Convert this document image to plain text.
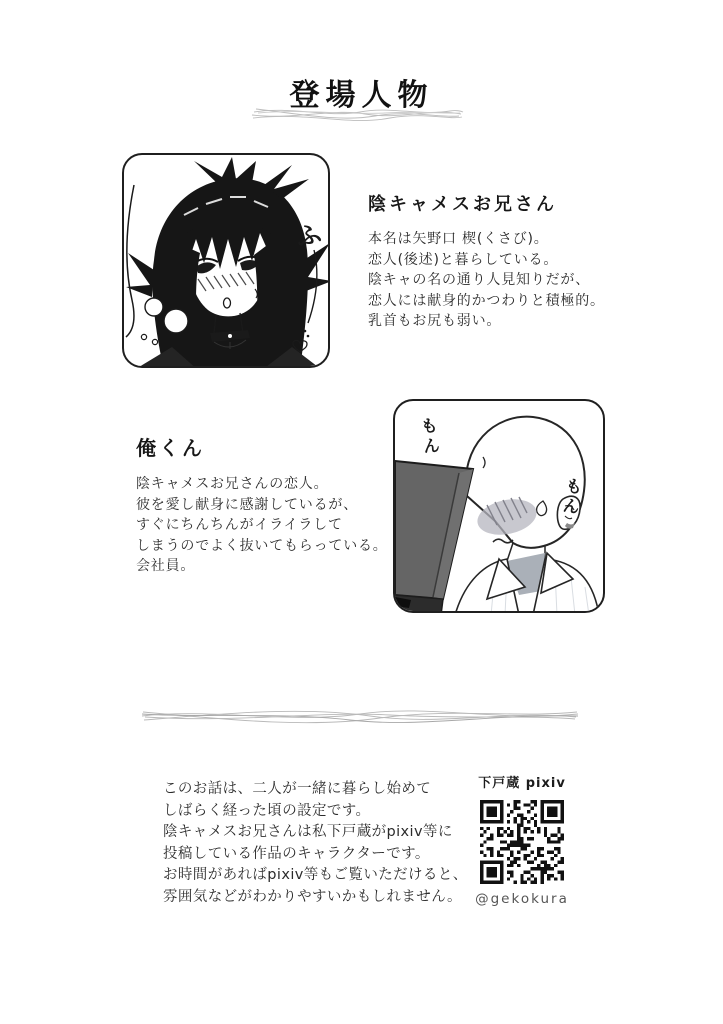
登場人物
ふ
陰キャメスお兄さん
本名は矢野口 楔(くさび)。
恋人(後述)と暮らしている。
陰キャの名の通り人見知りだが、
恋人には献身的かつわりと積極的。
乳首もお尻も弱い。
俺くん
陰キャメスお兄さんの恋人。
彼を愛し献身に感謝しているが、
すぐにちんちんがイライラして
しまうのでよく抜いてもらっている。
会社員。
もん
もん
このお話は、二人が一緒に暮らし始めて
しばらく経った頃の設定です。
陰キャメスお兄さんは私下戸蔵がpixiv等に
投稿している作品のキャラクターです。
お時間があればpixiv等もご覧いただけると、
雰囲気などがわかりやすいかもしれません。
下戸蔵 pixiv
@gekokura
